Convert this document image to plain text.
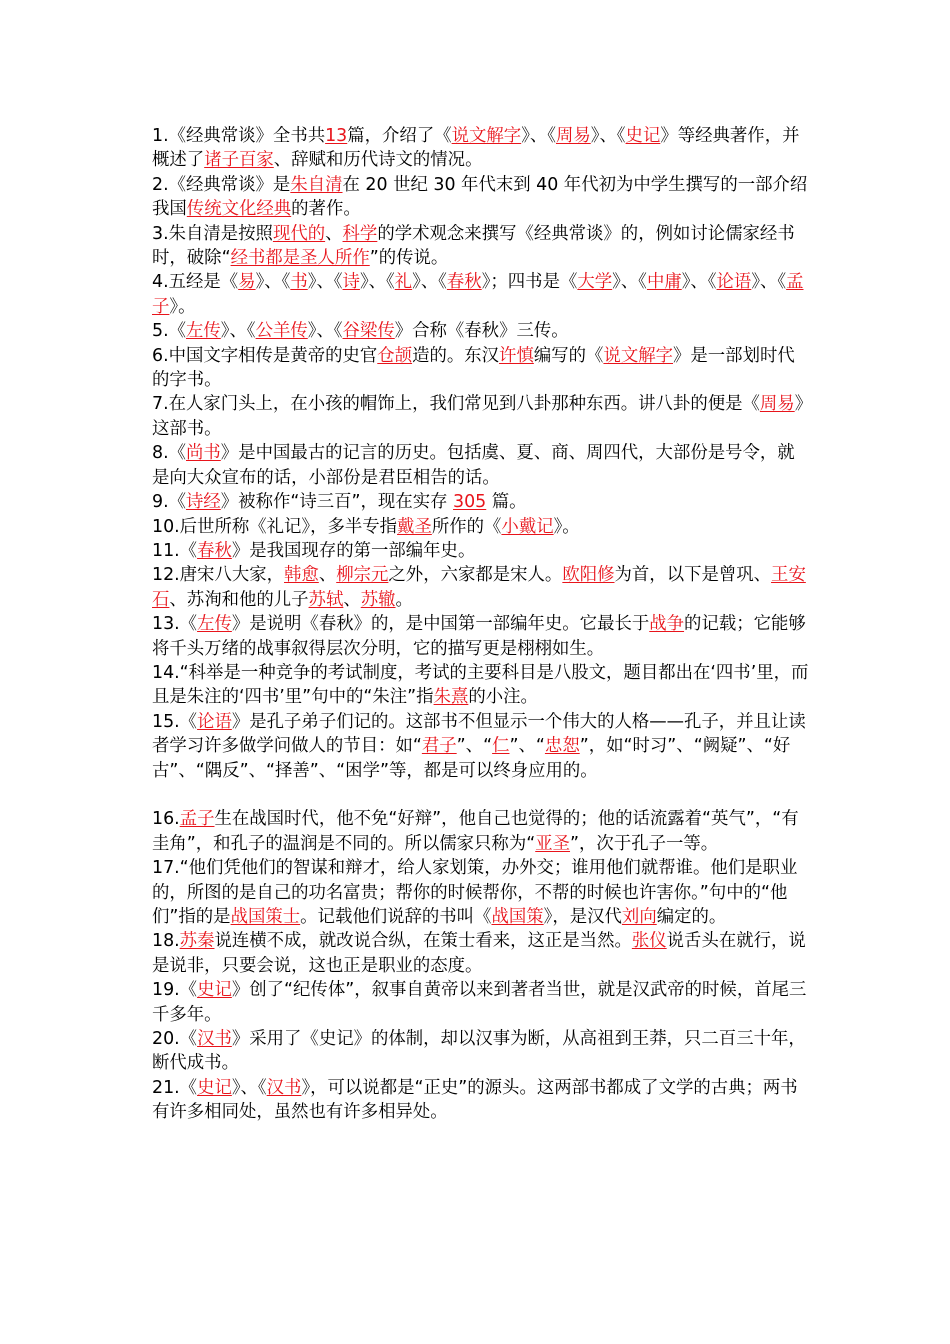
1.《经典常谈》全书共13篇，介绍了《说文解字》、《周易》、《史记》等经典著作，并概述了诸子百家、辞赋和历代诗文的情况。
2.《经典常谈》是朱自清在 20 世纪 30 年代末到 40 年代初为中学生撰写的一部介绍我国传统文化经典的著作。
3.朱自清是按照现代的、科学的学术观念来撰写《经典常谈》的，例如讨论儒家经书时，破除“经书都是圣人所作”的传说。
4.五经是《易》、《书》、《诗》、《礼》、《春秋》；四书是《大学》、《中庸》、《论语》、《孟子》。
5.《左传》、《公羊传》、《谷梁传》合称《春秋》三传。
6.中国文字相传是黄帝的史官仓颉造的。东汉许慎编写的《说文解字》是一部划时代的字书。
7.在人家门头上，在小孩的帽饰上，我们常见到八卦那种东西。讲八卦的便是《周易》这部书。
8.《尚书》是中国最古的记言的历史。包括虞、夏、商、周四代，大部份是号令，就是向大众宣布的话，小部份是君臣相告的话。
9.《诗经》被称作“诗三百”，现在实存 305 篇。
10.后世所称《礼记》，多半专指戴圣所作的《小戴记》。
11.《春秋》是我国现存的第一部编年史。
12.唐宋八大家，韩愈、柳宗元之外，六家都是宋人。欧阳修为首，以下是曾巩、王安石、苏洵和他的儿子苏轼、苏辙。
13.《左传》是说明《春秋》的，是中国第一部编年史。它最长于战争的记载；它能够将千头万绪的战事叙得层次分明，它的描写更是栩栩如生。
14.“科举是一种竞争的考试制度，考试的主要科目是八股文，题目都出在‘四书’里，而且是朱注的‘四书’里”句中的“朱注”指朱熹的小注。
15.《论语》是孔子弟子们记的。这部书不但显示一个伟大的人格——孔子，并且让读者学习许多做学问做人的节目：如“君子”、“仁”、“忠恕”，如“时习”、“阙疑”、“好古”、“隅反”、“择善”、“困学”等，都是可以终身应用的。
16.孟子生在战国时代，他不免“好辩”，他自己也觉得的；他的话流露着“英气”，“有圭角”，和孔子的温润是不同的。所以儒家只称为“亚圣”，次于孔子一等。
17.“他们凭他们的智谋和辩才，给人家划策，办外交；谁用他们就帮谁。他们是职业的，所图的是自己的功名富贵；帮你的时候帮你，不帮的时候也许害你。”句中的“他们”指的是战国策士。记载他们说辞的书叫《战国策》，是汉代刘向编定的。
18.苏秦说连横不成，就改说合纵，在策士看来，这正是当然。张仪说舌头在就行，说是说非，只要会说，这也正是职业的态度。
19.《史记》创了“纪传体”，叙事自黄帝以来到著者当世，就是汉武帝的时候，首尾三千多年。
20.《汉书》采用了《史记》的体制，却以汉事为断，从高祖到王莽，只二百三十年，断代成书。
21.《史记》、《汉书》，可以说都是“正史”的源头。这两部书都成了文学的古典；两书有许多相同处，虽然也有许多相异处。
